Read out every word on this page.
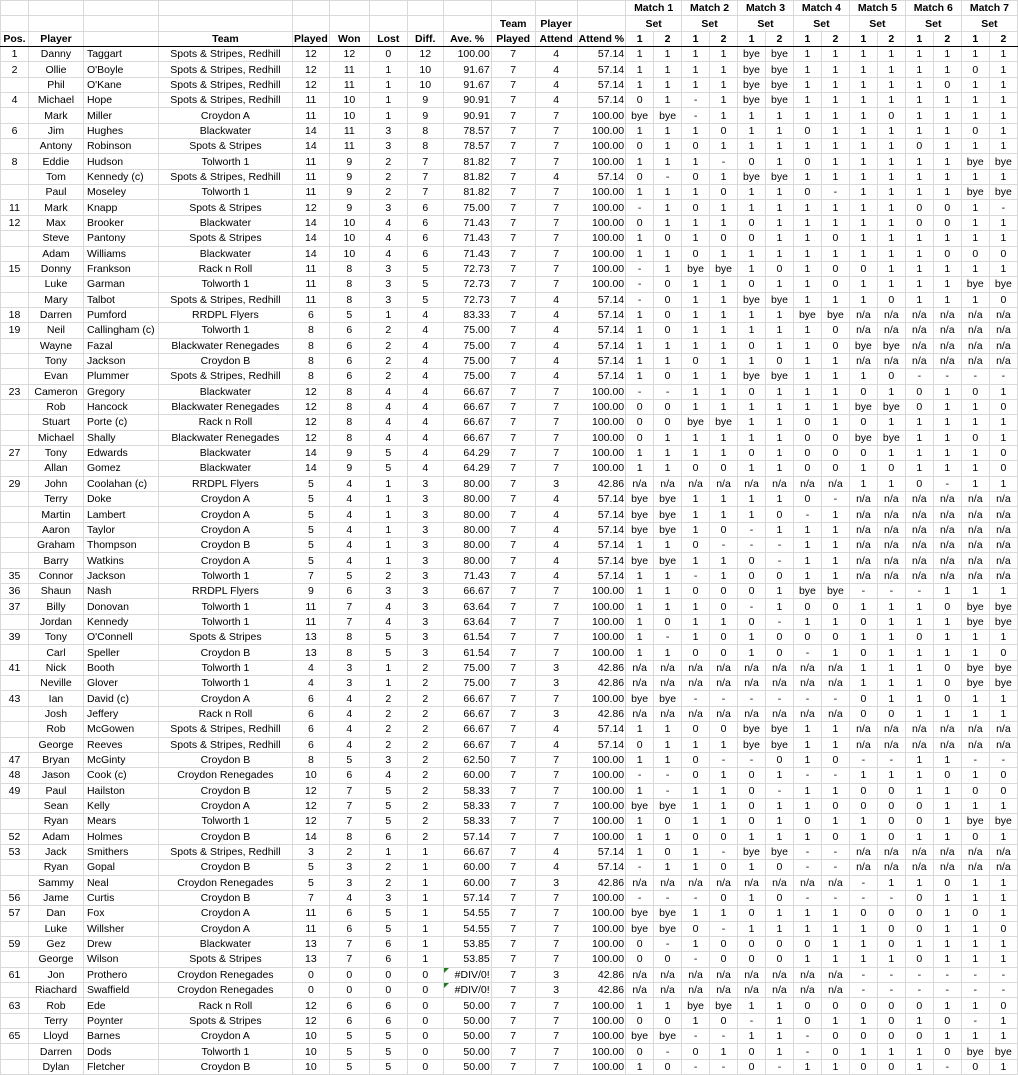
												Match 1		Match 2		Match 3		Match 4		Match 5		Match 6		Match 7	
									Team	Player		Set		Set		Set		Set		Set		Set		Set	
Pos.	Player		Team	Played	Won	Lost	Diff.	Ave. %	Played	Attend	Attend %	1	2	1	2	1	2	1	2	1	2	1	2	1	2
1	Danny	Taggart	Spots & Stripes, Redhill	12	12	0	12	100.00	7	4	57.14	1	1	1	1	bye	bye	1	1	1	1	1	1	1	1
2	Ollie	O'Boyle	Spots & Stripes, Redhill	12	11	1	10	91.67	7	4	57.14	1	1	1	1	bye	bye	1	1	1	1	1	1	0	1
	Phil	O'Kane	Spots & Stripes, Redhill	12	11	1	10	91.67	7	4	57.14	1	1	1	1	bye	bye	1	1	1	1	1	0	1	1
4	Michael	Hope	Spots & Stripes, Redhill	11	10	1	9	90.91	7	4	57.14	0	1	-	1	bye	bye	1	1	1	1	1	1	1	1
	Mark	Miller	Croydon A	11	10	1	9	90.91	7	7	100.00	bye	bye	-	1	1	1	1	1	1	0	1	1	1	1
6	Jim	Hughes	Blackwater	14	11	3	8	78.57	7	7	100.00	1	1	1	0	1	1	0	1	1	1	1	1	0	1
	Antony	Robinson	Spots & Stripes	14	11	3	8	78.57	7	7	100.00	0	1	0	1	1	1	1	1	1	1	0	1	1	1
8	Eddie	Hudson	Tolworth 1	11	9	2	7	81.82	7	7	100.00	1	1	1	-	0	1	0	1	1	1	1	1	bye	bye
	Tom	Kennedy (c)	Spots & Stripes, Redhill	11	9	2	7	81.82	7	4	57.14	0	-	0	1	bye	bye	1	1	1	1	1	1	1	1
	Paul	Moseley	Tolworth 1	11	9	2	7	81.82	7	7	100.00	1	1	1	0	1	1	0	-	1	1	1	1	bye	bye
11	Mark	Knapp	Spots & Stripes	12	9	3	6	75.00	7	7	100.00	-	1	0	1	1	1	1	1	1	1	0	0	1	-
12	Max	Brooker	Blackwater	14	10	4	6	71.43	7	7	100.00	0	1	1	1	0	1	1	1	1	1	0	0	1	1
	Steve	Pantony	Spots & Stripes	14	10	4	6	71.43	7	7	100.00	1	0	1	0	0	1	1	0	1	1	1	1	1	1
	Adam	Williams	Blackwater	14	10	4	6	71.43	7	7	100.00	1	1	0	1	1	1	1	1	1	1	1	0	0	0
15	Donny	Frankson	Rack n Roll	11	8	3	5	72.73	7	7	100.00	-	1	bye	bye	1	0	1	0	0	1	1	1	1	1
	Luke	Garman	Tolworth 1	11	8	3	5	72.73	7	7	100.00	-	0	1	1	0	1	1	0	1	1	1	1	bye	bye
	Mary	Talbot	Spots & Stripes, Redhill	11	8	3	5	72.73	7	4	57.14	-	0	1	1	bye	bye	1	1	1	0	1	1	1	0
18	Darren	Pumford	RRDPL Flyers	6	5	1	4	83.33	7	4	57.14	1	0	1	1	1	1	bye	bye	n/a	n/a	n/a	n/a	n/a	n/a
19	Neil	Callingham (c)	Tolworth 1	8	6	2	4	75.00	7	4	57.14	1	0	1	1	1	1	1	0	n/a	n/a	n/a	n/a	n/a	n/a
	Wayne	Fazal	Blackwater Renegades	8	6	2	4	75.00	7	4	57.14	1	1	1	1	0	1	1	0	bye	bye	n/a	n/a	n/a	n/a
	Tony	Jackson	Croydon B	8	6	2	4	75.00	7	4	57.14	1	1	0	1	1	0	1	1	n/a	n/a	n/a	n/a	n/a	n/a
	Evan	Plummer	Spots & Stripes, Redhill	8	6	2	4	75.00	7	4	57.14	1	0	1	1	bye	bye	1	1	1	0	-	-	-	-
23	Cameron	Gregory	Blackwater	12	8	4	4	66.67	7	7	100.00	-	-	1	1	0	1	1	1	0	1	0	1	0	1
	Rob	Hancock	Blackwater Renegades	12	8	4	4	66.67	7	7	100.00	0	0	1	1	1	1	1	1	bye	bye	0	1	1	0
	Stuart	Porte (c)	Rack n Roll	12	8	4	4	66.67	7	7	100.00	0	0	bye	bye	1	1	0	1	0	1	1	1	1	1
	Michael	Shally	Blackwater Renegades	12	8	4	4	66.67	7	7	100.00	0	1	1	1	1	1	0	0	bye	bye	1	1	0	1
27	Tony	Edwards	Blackwater	14	9	5	4	64.29	7	7	100.00	1	1	1	1	0	1	0	0	0	1	1	1	1	0
	Allan	Gomez	Blackwater	14	9	5	4	64.29	7	7	100.00	1	1	0	0	1	1	0	0	1	0	1	1	1	0
29	John	Coolahan (c)	RRDPL Flyers	5	4	1	3	80.00	7	3	42.86	n/a	n/a	n/a	n/a	n/a	n/a	n/a	n/a	1	1	0	-	1	1
	Terry	Doke	Croydon A	5	4	1	3	80.00	7	4	57.14	bye	bye	1	1	1	1	0	-	n/a	n/a	n/a	n/a	n/a	n/a
	Martin	Lambert	Croydon A	5	4	1	3	80.00	7	4	57.14	bye	bye	1	1	1	0	-	1	n/a	n/a	n/a	n/a	n/a	n/a
	Aaron	Taylor	Croydon A	5	4	1	3	80.00	7	4	57.14	bye	bye	1	0	-	1	1	1	n/a	n/a	n/a	n/a	n/a	n/a
	Graham	Thompson	Croydon B	5	4	1	3	80.00	7	4	57.14	1	1	0	-	-	-	1	1	n/a	n/a	n/a	n/a	n/a	n/a
	Barry	Watkins	Croydon A	5	4	1	3	80.00	7	4	57.14	bye	bye	1	1	0	-	1	1	n/a	n/a	n/a	n/a	n/a	n/a
35	Connor	Jackson	Tolworth 1	7	5	2	3	71.43	7	4	57.14	1	1	-	1	0	0	1	1	n/a	n/a	n/a	n/a	n/a	n/a
36	Shaun	Nash	RRDPL Flyers	9	6	3	3	66.67	7	7	100.00	1	1	0	0	0	1	bye	bye	-	-	-	1	1	1
37	Billy	Donovan	Tolworth 1	11	7	4	3	63.64	7	7	100.00	1	1	1	0	-	1	0	0	1	1	1	0	bye	bye
	Jordan	Kennedy	Tolworth 1	11	7	4	3	63.64	7	7	100.00	1	0	1	1	0	-	1	1	0	1	1	1	bye	bye
39	Tony	O'Connell	Spots & Stripes	13	8	5	3	61.54	7	7	100.00	1	-	1	0	1	0	0	0	1	1	0	1	1	1
	Carl	Speller	Croydon B	13	8	5	3	61.54	7	7	100.00	1	1	0	0	1	0	-	1	0	1	1	1	1	0
41	Nick	Booth	Tolworth 1	4	3	1	2	75.00	7	3	42.86	n/a	n/a	n/a	n/a	n/a	n/a	n/a	n/a	1	1	1	0	bye	bye
	Neville	Glover	Tolworth 1	4	3	1	2	75.00	7	3	42.86	n/a	n/a	n/a	n/a	n/a	n/a	n/a	n/a	1	1	1	0	bye	bye
43	Ian	David (c)	Croydon A	6	4	2	2	66.67	7	7	100.00	bye	bye	-	-	-	-	-	-	0	1	1	0	1	1
	Josh	Jeffery	Rack n Roll	6	4	2	2	66.67	7	3	42.86	n/a	n/a	n/a	n/a	n/a	n/a	n/a	n/a	0	0	1	1	1	1
	Rob	McGowen	Spots & Stripes, Redhill	6	4	2	2	66.67	7	4	57.14	1	1	0	0	bye	bye	1	1	n/a	n/a	n/a	n/a	n/a	n/a
	George	Reeves	Spots & Stripes, Redhill	6	4	2	2	66.67	7	4	57.14	0	1	1	1	bye	bye	1	1	n/a	n/a	n/a	n/a	n/a	n/a
47	Bryan	McGinty	Croydon B	8	5	3	2	62.50	7	7	100.00	1	1	0	-	-	0	1	0	-	-	1	1	-	-
48	Jason	Cook (c)	Croydon Renegades	10	6	4	2	60.00	7	7	100.00	-	-	0	1	0	1	-	-	1	1	1	0	1	0
49	Paul	Hailston	Croydon B	12	7	5	2	58.33	7	7	100.00	1	-	1	1	0	-	1	1	0	0	1	1	0	0
	Sean	Kelly	Croydon A	12	7	5	2	58.33	7	7	100.00	bye	bye	1	1	0	1	1	0	0	0	0	1	1	1
	Ryan	Mears	Tolworth 1	12	7	5	2	58.33	7	7	100.00	1	0	1	1	0	1	0	1	1	0	0	1	bye	bye
52	Adam	Holmes	Croydon B	14	8	6	2	57.14	7	7	100.00	1	1	0	0	1	1	1	0	1	0	1	1	0	1
53	Jack	Smithers	Spots & Stripes, Redhill	3	2	1	1	66.67	7	4	57.14	1	0	1	-	bye	bye	-	-	n/a	n/a	n/a	n/a	n/a	n/a
	Ryan	Gopal	Croydon B	5	3	2	1	60.00	7	4	57.14	-	1	1	0	1	0	-	-	n/a	n/a	n/a	n/a	n/a	n/a
	Sammy	Neal	Croydon Renegades	5	3	2	1	60.00	7	3	42.86	n/a	n/a	n/a	n/a	n/a	n/a	n/a	n/a	-	1	1	0	1	1
56	Jame	Curtis	Croydon B	7	4	3	1	57.14	7	7	100.00	-	-	-	0	1	0	-	-	-	-	0	1	1	1
57	Dan	Fox	Croydon A	11	6	5	1	54.55	7	7	100.00	bye	bye	1	1	0	1	1	1	0	0	0	1	0	1
	Luke	Willsher	Croydon A	11	6	5	1	54.55	7	7	100.00	bye	bye	0	-	1	1	1	1	1	0	0	1	1	0
59	Gez	Drew	Blackwater	13	7	6	1	53.85	7	7	100.00	0	-	1	0	0	0	0	1	1	0	1	1	1	1
	George	Wilson	Spots & Stripes	13	7	6	1	53.85	7	7	100.00	0	0	-	0	0	0	1	1	1	1	0	1	1	1
61	Jon	Prothero	Croydon Renegades	0	0	0	0	#DIV/0!	7	3	42.86	n/a	n/a	n/a	n/a	n/a	n/a	n/a	n/a	-	-	-	-	-	-
	Riachard	Swaffield	Croydon Renegades	0	0	0	0	#DIV/0!	7	3	42.86	n/a	n/a	n/a	n/a	n/a	n/a	n/a	n/a	-	-	-	-	-	-
63	Rob	Ede	Rack n Roll	12	6	6	0	50.00	7	7	100.00	1	1	bye	bye	1	1	0	0	0	0	0	1	1	0
	Terry	Poynter	Spots & Stripes	12	6	6	0	50.00	7	7	100.00	0	0	1	0	-	1	0	1	1	0	1	0	-	1
65	Lloyd	Barnes	Croydon A	10	5	5	0	50.00	7	7	100.00	bye	bye	-	-	1	1	-	0	0	0	0	1	1	1
	Darren	Dods	Tolworth 1	10	5	5	0	50.00	7	7	100.00	0	-	0	1	0	1	-	0	1	1	1	0	bye	bye
	Dylan	Fletcher	Croydon B	10	5	5	0	50.00	7	7	100.00	1	0	-	-	0	-	1	1	0	0	1	-	0	1
